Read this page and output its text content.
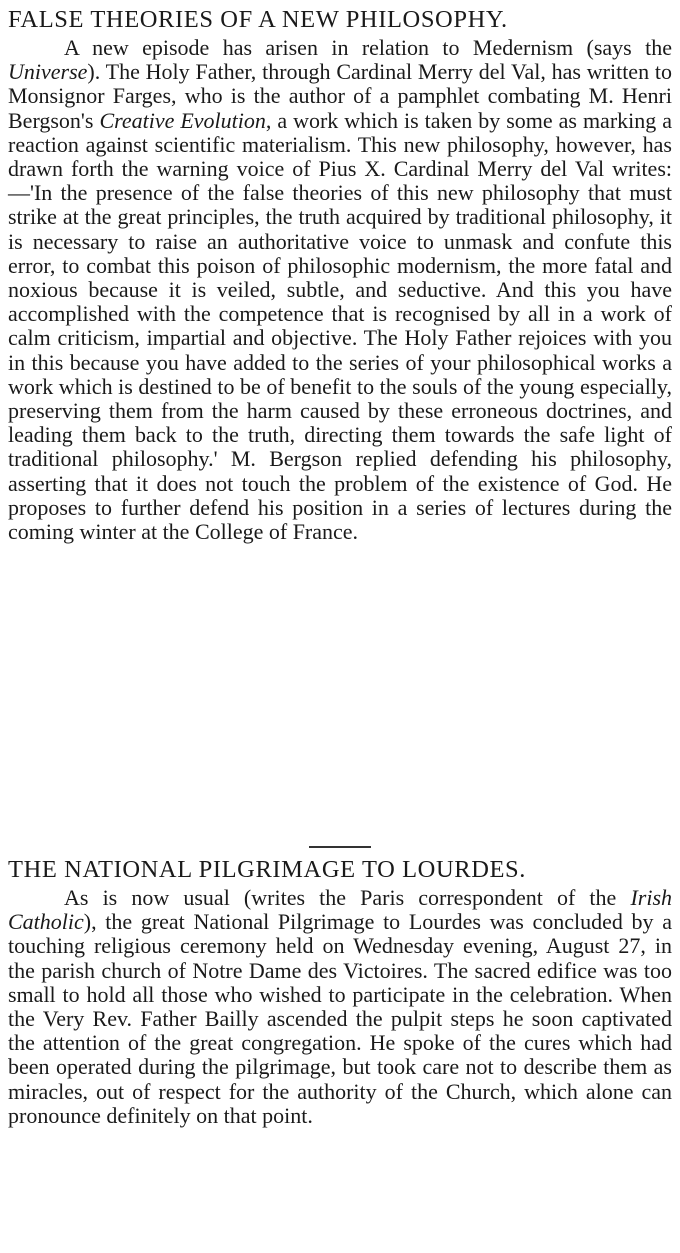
FALSE THEORIES OF A NEW PHILOSOPHY.

A new episode has arisen in relation to Medernism (says the Universe). The Holy Father, through Cardinal Merry del Val, has written to Monsignor Farges, who is the author of a pamphlet combating M. Henri Bergson's Creative Evolution, a work which is taken by some as marking a reaction against scientific materialism. This new philosophy, however, has drawn forth the warning voice of Pius X. Cardinal Merry del Val writes:—'In the presence of the false theories of this new philosophy that must strike at the great principles, the truth acquired by traditional philosophy, it is necessary to raise an authoritative voice to unmask and confute this error, to combat this poison of philosophic modernism, the more fatal and noxious because it is veiled, subtle, and seductive. And this you have accomplished with the competence that is recognised by all in a work of calm criticism, impartial and objective. The Holy Father rejoices with you in this because you have added to the series of your philosophical works a work which is destined to be of benefit to the souls of the young especially, preserving them from the harm caused by these erroneous doctrines, and leading them back to the truth, directing them towards the safe light of traditional philosophy.' M. Bergson replied defending his philosophy, asserting that it does not touch the problem of the existence of God. He proposes to further defend his position in a series of lectures during the coming winter at the College of France.

THE NATIONAL PILGRIMAGE TO LOURDES.

As is now usual (writes the Paris correspondent of the Irish Catholic), the great National Pilgrimage to Lourdes was concluded by a touching religious ceremony held on Wednesday evening, August 27, in the parish church of Notre Dame des Victoires. The sacred edifice was too small to hold all those who wished to participate in the celebration. When the Very Rev. Father Bailly ascended the pulpit steps he soon captivated the attention of the great congregation. He spoke of the cures which had been operated during the pilgrimage, but took care not to describe them as miracles, out of respect for the authority of the Church, which alone can pronounce definitely on that point.
